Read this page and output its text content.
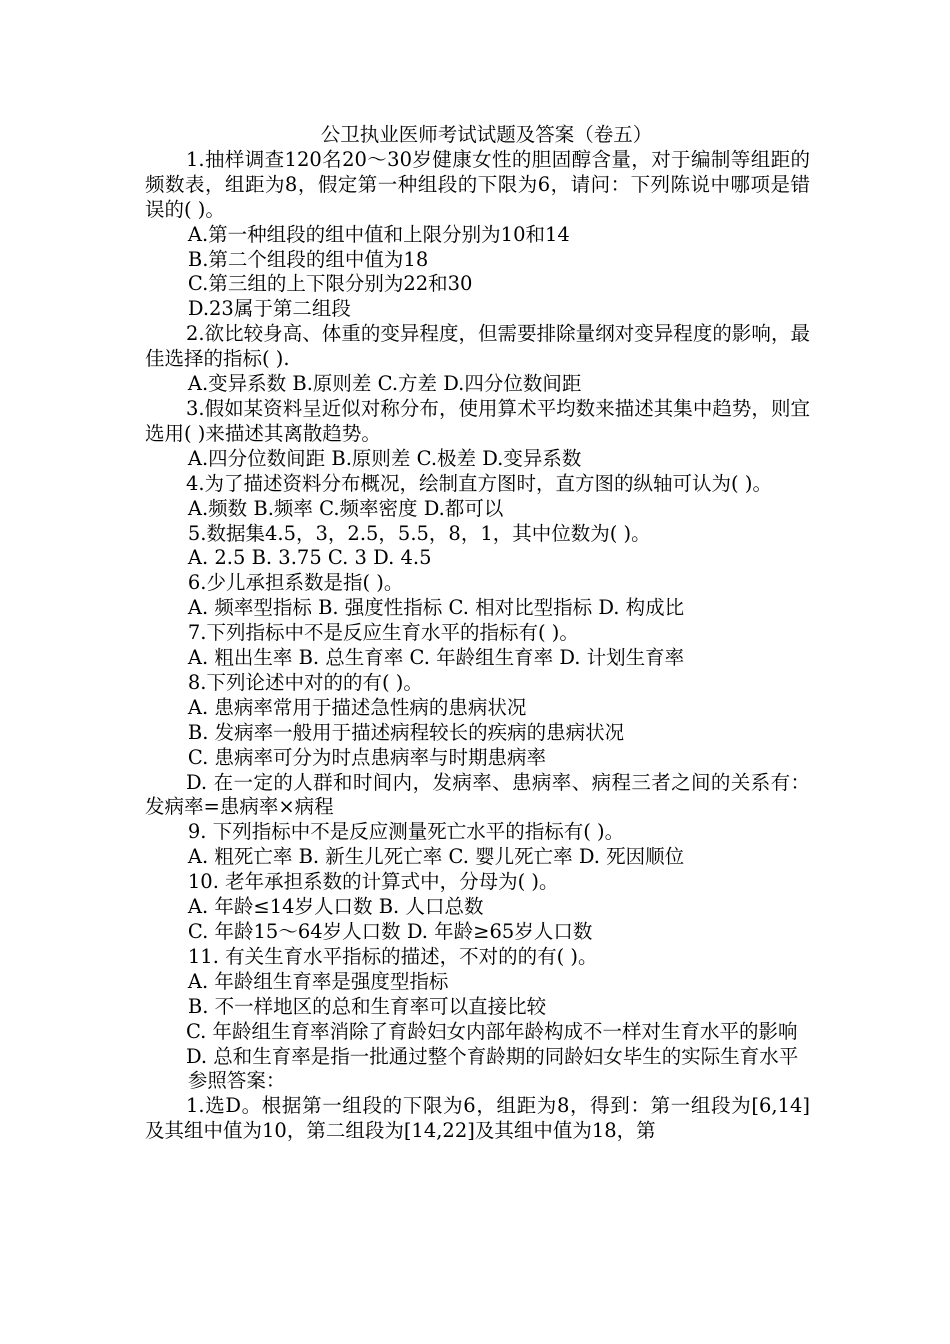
公卫执业医师考试试题及答案（卷五）
1.抽样调查120名20～30岁健康女性的胆固醇含量，对于编制等组距的频数表，组距为8，假定第一种组段的下限为6，请问：下列陈说中哪项是错误的( )。
A.第一种组段的组中值和上限分别为10和14
B.第二个组段的组中值为18
C.第三组的上下限分别为22和30
D.23属于第二组段
2.欲比较身高、体重的变异程度，但需要排除量纲对变异程度的影响，最佳选择的指标( ).
A.变异系数 B.原则差 C.方差 D.四分位数间距
3.假如某资料呈近似对称分布，使用算术平均数来描述其集中趋势，则宜选用( )来描述其离散趋势。
A.四分位数间距 B.原则差 C.极差 D.变异系数
4.为了描述资料分布概况，绘制直方图时，直方图的纵轴可认为( )。
A.频数 B.频率 C.频率密度 D.都可以
5.数据集4.5，3，2.5，5.5，8，1，其中位数为( )。
A. 2.5 B. 3.75 C. 3 D. 4.5
6.少儿承担系数是指( )。
A. 频率型指标 B. 强度性指标 C. 相对比型指标 D. 构成比
7.下列指标中不是反应生育水平的指标有( )。
A. 粗出生率 B. 总生育率 C. 年龄组生育率 D. 计划生育率
8.下列论述中对的的有( )。
A. 患病率常用于描述急性病的患病状况
B. 发病率一般用于描述病程较长的疾病的患病状况
C. 患病率可分为时点患病率与时期患病率
D. 在一定的人群和时间内，发病率、患病率、病程三者之间的关系有：发病率=患病率×病程
9. 下列指标中不是反应测量死亡水平的指标有( )。
A. 粗死亡率 B. 新生儿死亡率 C. 婴儿死亡率 D. 死因顺位
10. 老年承担系数的计算式中，分母为( )。
A. 年龄≤14岁人口数 B. 人口总数
C. 年龄15～64岁人口数 D. 年龄≥65岁人口数
11. 有关生育水平指标的描述，不对的的有( )。
A. 年龄组生育率是强度型指标
B. 不一样地区的总和生育率可以直接比较
C. 年龄组生育率消除了育龄妇女内部年龄构成不一样对生育水平的影响
D. 总和生育率是指一批通过整个育龄期的同龄妇女毕生的实际生育水平
参照答案：
1.选D。根据第一组段的下限为6，组距为8，得到：第一组段为[6,14]及其组中值为10，第二组段为[14,22]及其组中值为18，第
